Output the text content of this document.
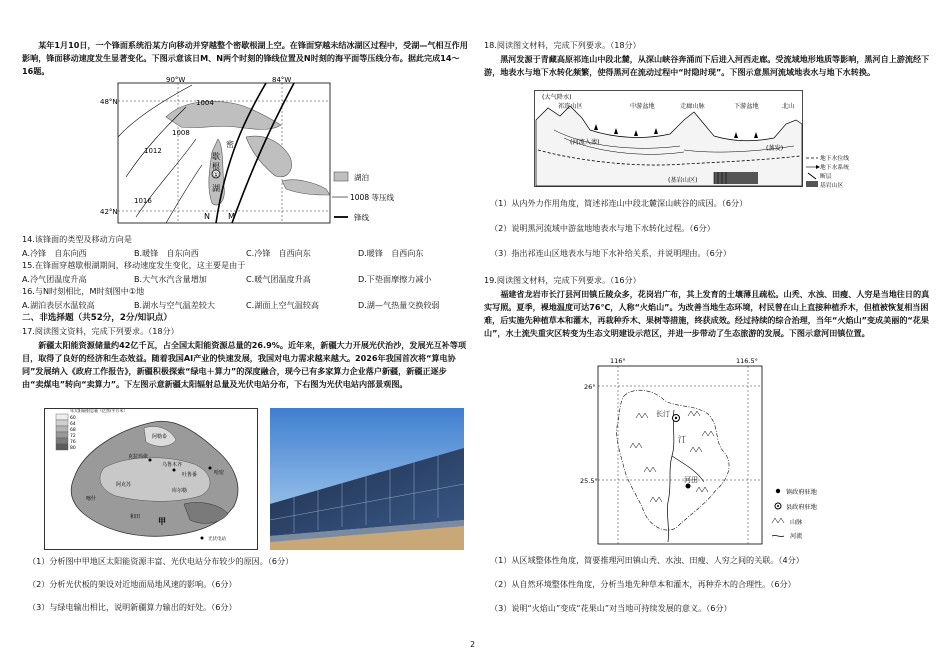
某年1月10日，一个锋面系统沿某方向移动并穿越整个密歇根湖上空。在锋面穿越未结冰湖区过程中，受湖—气相互作用影响，锋面移动速度发生显著变化。下图示意该日M、N两个时刻的锋线位置及N时刻的海平面等压线分布。据此完成14～16题。

①
90°W	84°W
48°N
42°N
1004
1008
1012
1016
密
歇
根
湖
N M
湖泊
1008 等压线
锋线

14.该锋面的类型及移动方向是

A.冷锋　自东向西	B.暖锋　自东向西	C.冷锋　自西向东	D.暖锋　自西向东

15.在锋面穿越歇根湖期间，移动速度发生变化，这主要是由于

A.冷气团温度升高	B.大气水汽含量增加	C.暖气团温度升高	D.下垫面摩擦力减小

16.与N时刻相比，M时刻图中①地

A.湖泊表层水温较高	B.湖水与空气温差较大	C.湖面上空气温较高	D.湖—气热量交换较弱

二、非选择题（共52分，2分/知识点）

17.阅读图文资料，完成下列要求。（18分）

新疆太阳能资源储量约42亿千瓦，占全国太阳能资源总量的26.9%。近年来，新疆大力开展光伏治沙，发展光互补等项目，取得了良好的经济和生态效益。随着我国AI产业的快速发展，我国对电力需求越来越大。2026年我国首次将“算电协同”发展纳入《政府工作报告》，新疆积极探索“绿电＋算力”的深度融合，现今已有多家算力企业落户新疆，新疆正逐步由“卖煤电”转向“卖算力”。下左图示意新疆太阳辐射总量及光伏电站分布，下右图为光伏电站内部景观图。

年太阳辐射总量（亿焦/平方米）
60
64
68
72
76
80
阿勒泰
克拉玛依
乌鲁木齐
吐鲁番
阿克苏
喀什
和田
哈密
库尔勒
甲
光伏电站

（1）分析图中甲地区太阳能资源丰富、光伏电站分布较少的原因。（6分）

（2）分析光伏板的架设对近地面局地风速的影响。（6分）

（3）与绿电输出相比，说明新疆算力输出的好处。（6分）

18.阅读图文材料，完成下列要求。（18分）

黑河发源于青藏高原祁连山中段北麓，从深山峡谷奔涌而下后进入河西走廊。受流域地形地质等影响，黑河自上游流经下游，地表水与地下水转化频繁，使得黑河在流动过程中“时隐时现”。下图示意黑河流域地表水与地下水转换。

(大气降水)
祁连山区	中游盆地	走廊山脉	下游盆地	北山
(河流入渗)
(蒸发)
(基岩山区)
地下水位线
地下水系统
断层
基岩山区

（1）从内外力作用角度，简述祁连山中段北麓深山峡谷的成因。（6分）

（2）说明黑河流域中游盆地地表水与地下水转化过程。（6分）

（3）指出祁连山区地表水与地下水补给关系，并说明理由。（6分）

19.阅读图文材料，完成下列要求。（16分）

福建省龙岩市长汀县河田镇丘陵众多，花岗岩广布，其上发育的土壤薄且疏松。山秃、水浊、田瘦、人穷是当地往日的真实写照。夏季，裸地温度可达76℃，人称“火焰山”。为改善当地生态环境，村民曾在山上直接种植乔木，但植被恢复相当困难，后实施先种植草本和灌木，再栽种乔木、果树等措施，终获成效。经过持续的综合治理，当年“火焰山”变成美丽的“花果山”，水土流失重灾区转变为生态文明建设示范区，并进一步带动了生态旅游的发展。下图示意河田镇位置。

长汀
河田
汀
116°	116.5°
26°
25.5°
镇政府驻地
县政府驻地
山脉
河流

（1）从区域整体性角度，简要推理河田镇山秃、水浊、田瘦、人穷之间的关联。（4分）

（2）从自然环境整体性角度，分析当地先种草本和灌木，再种乔木的合理性。（6分）

（3）说明“火焰山”变成“花果山”对当地可持续发展的意义。（6分）

2
